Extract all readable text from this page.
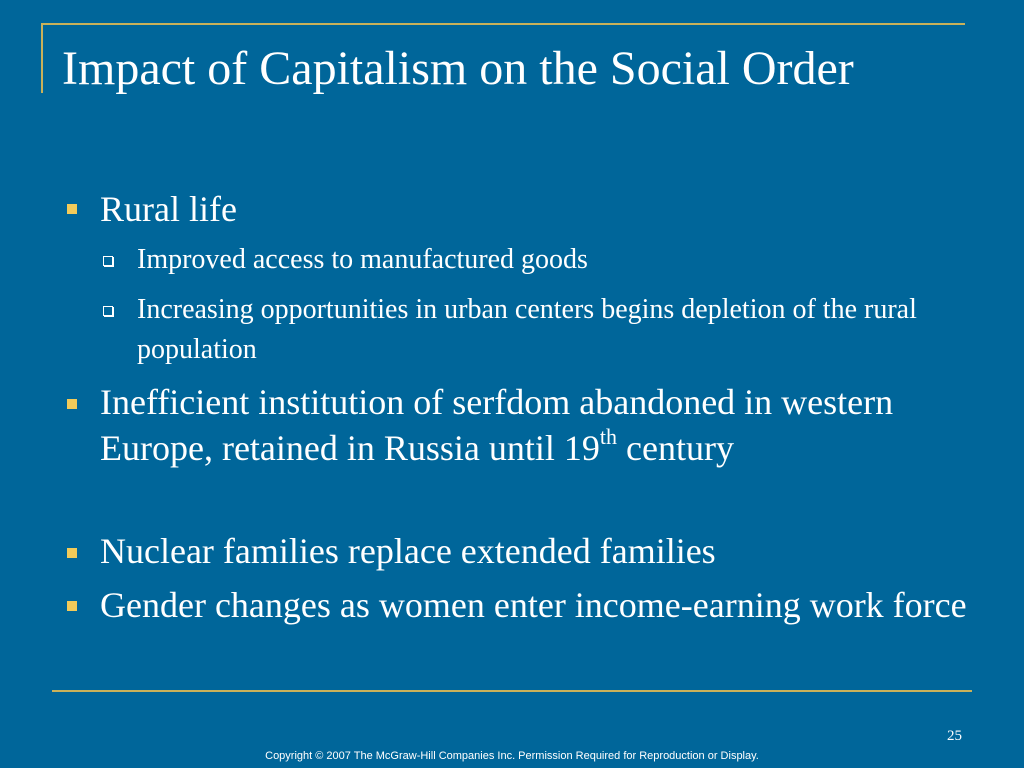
Impact of Capitalism on the Social Order

Rural life

Improved access to manufactured goods

Increasing opportunities in urban centers begins depletion of the rural population

Inefficient institution of serfdom abandoned in western Europe, retained in Russia until 19th century

Nuclear families replace extended families

Gender changes as women enter income-earning work force

25
Copyright © 2007 The McGraw-Hill Companies Inc. Permission Required for Reproduction or Display.
